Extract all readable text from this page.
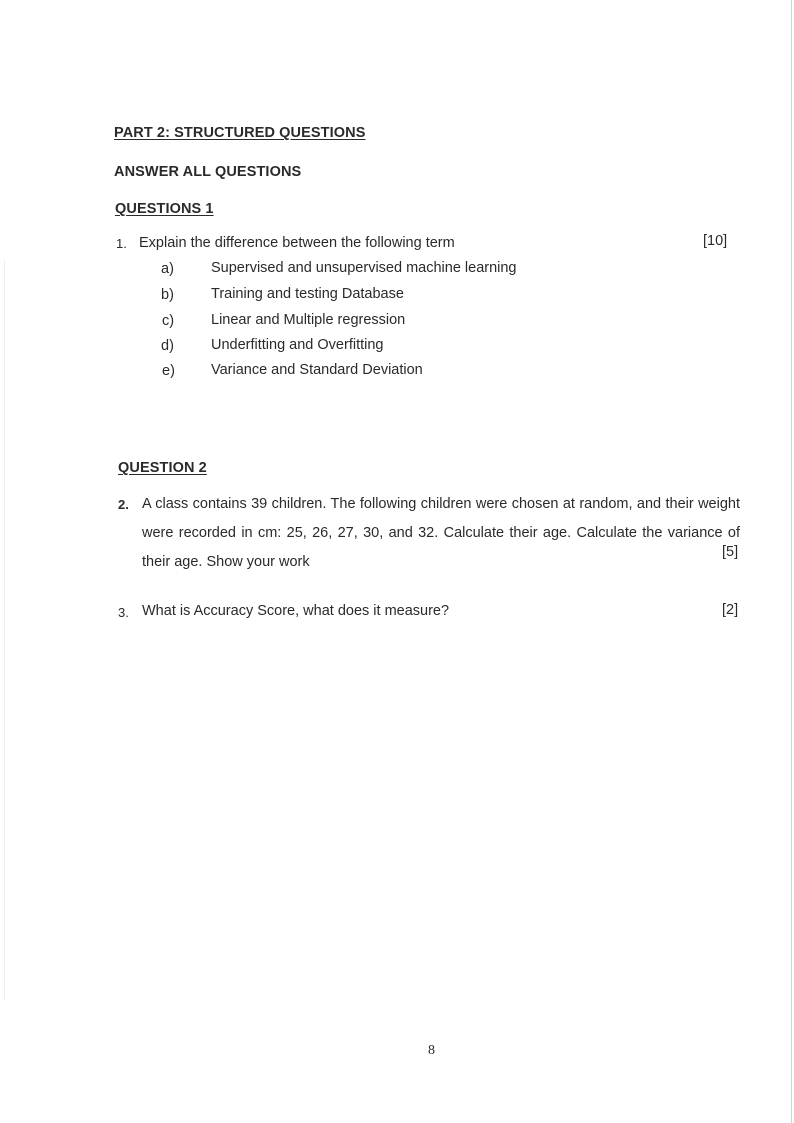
PART 2: STRUCTURED QUESTIONS
ANSWER ALL QUESTIONS
QUESTIONS 1
1. Explain the difference between the following term	[10]
a)	Supervised and unsupervised machine learning
b)	Training and testing Database
c)	Linear and Multiple regression
d)	Underfitting and Overfitting
e) Variance and Standard Deviation
QUESTION 2
2. A class contains 39 children. The following children were chosen at random, and their weight were recorded in cm: 25, 26, 27, 30, and 32. Calculate their age. Calculate the variance of their age. Show your work
[5]
3. What is Accuracy Score, what does it measure?	[2]
8
